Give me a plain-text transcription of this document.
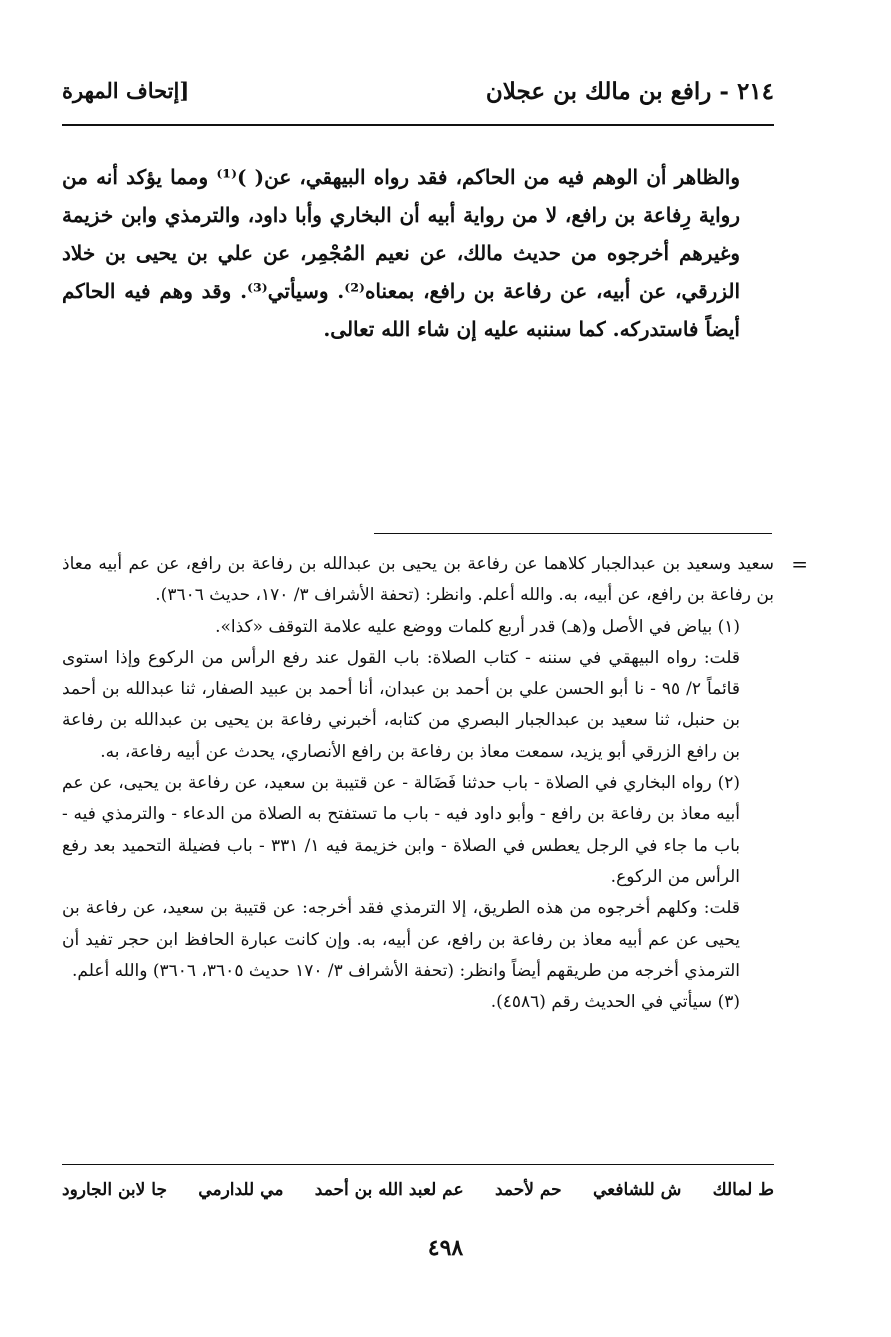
٢١٤ - رافع بن مالك بن عجلان
[إتحاف المهرة

والظاهر أن الوهم فيه من الحاكم، فقد رواه البيهقي، عن( )⁽¹⁾ ومما يؤكد أنه من رواية رِفاعة بن رافع، لا من رواية أبيه أن البخاري وأبا داود، والترمذي وابن خزيمة وغيرهم أخرجوه من حديث مالك، عن نعيم المُجْمِر، عن علي بن يحيى بن خلاد الزرقي، عن أبيه، عن رفاعة بن رافع، بمعناه⁽²⁾. وسيأتي⁽³⁾. وقد وهم فيه الحاكم أيضاً فاستدركه. كما سننبه عليه إن شاء الله تعالى.

=

سعيد وسعيد بن عبدالجبار كلاهما عن رفاعة بن يحيى بن عبدالله بن رفاعة بن رافع، عن عم أبيه معاذ بن رفاعة بن رافع، عن أبيه، به. والله أعلم. وانظر: (تحفة الأشراف ٣/ ١٧٠، حديث ٣٦٠٦).

(١) بياض في الأصل و(هـ) قدر أربع كلمات ووضع عليه علامة التوقف «كذا».

قلت: رواه البيهقي في سننه - كتاب الصلاة: باب القول عند رفع الرأس من الركوع وإذا استوى قائماً ٢/ ٩٥ - نا أبو الحسن علي بن أحمد بن عبدان، أنا أحمد بن عبيد الصفار، ثنا عبدالله بن أحمد بن حنبل، ثنا سعيد بن عبدالجبار البصري من كتابه، أخبرني رفاعة بن يحيى بن عبدالله بن رفاعة بن رافع الزرقي أبو يزيد، سمعت معاذ بن رفاعة بن رافع الأنصاري، يحدث عن أبيه رفاعة، به.

(٢) رواه البخاري في الصلاة - باب حدثنا فَضَالة - عن قتيبة بن سعيد، عن رفاعة بن يحيى، عن عم أبيه معاذ بن رفاعة بن رافع - وأبو داود فيه - باب ما تستفتح به الصلاة من الدعاء - والترمذي فيه - باب ما جاء في الرجل يعطس في الصلاة - وابن خزيمة فيه ١/ ٣٣١ - باب فضيلة التحميد بعد رفع الرأس من الركوع.

قلت: وكلهم أخرجوه من هذه الطريق، إلا الترمذي فقد أخرجه: عن قتيبة بن سعيد، عن رفاعة بن يحيى عن عم أبيه معاذ بن رفاعة بن رافع، عن أبيه، به. وإن كانت عبارة الحافظ ابن حجر تفيد أن الترمذي أخرجه من طريقهم أيضاً وانظر: (تحفة الأشراف ٣/ ١٧٠ حديث ٣٦٠٥، ٣٦٠٦) والله أعلم.

(٣) سيأتي في الحديث رقم (٤٥٨٦).

ط لمالك
ش للشافعي
حم لأحمد
عم لعبد الله بن أحمد
مي للدارمي
جا لابن الجارود
٤٩٨
